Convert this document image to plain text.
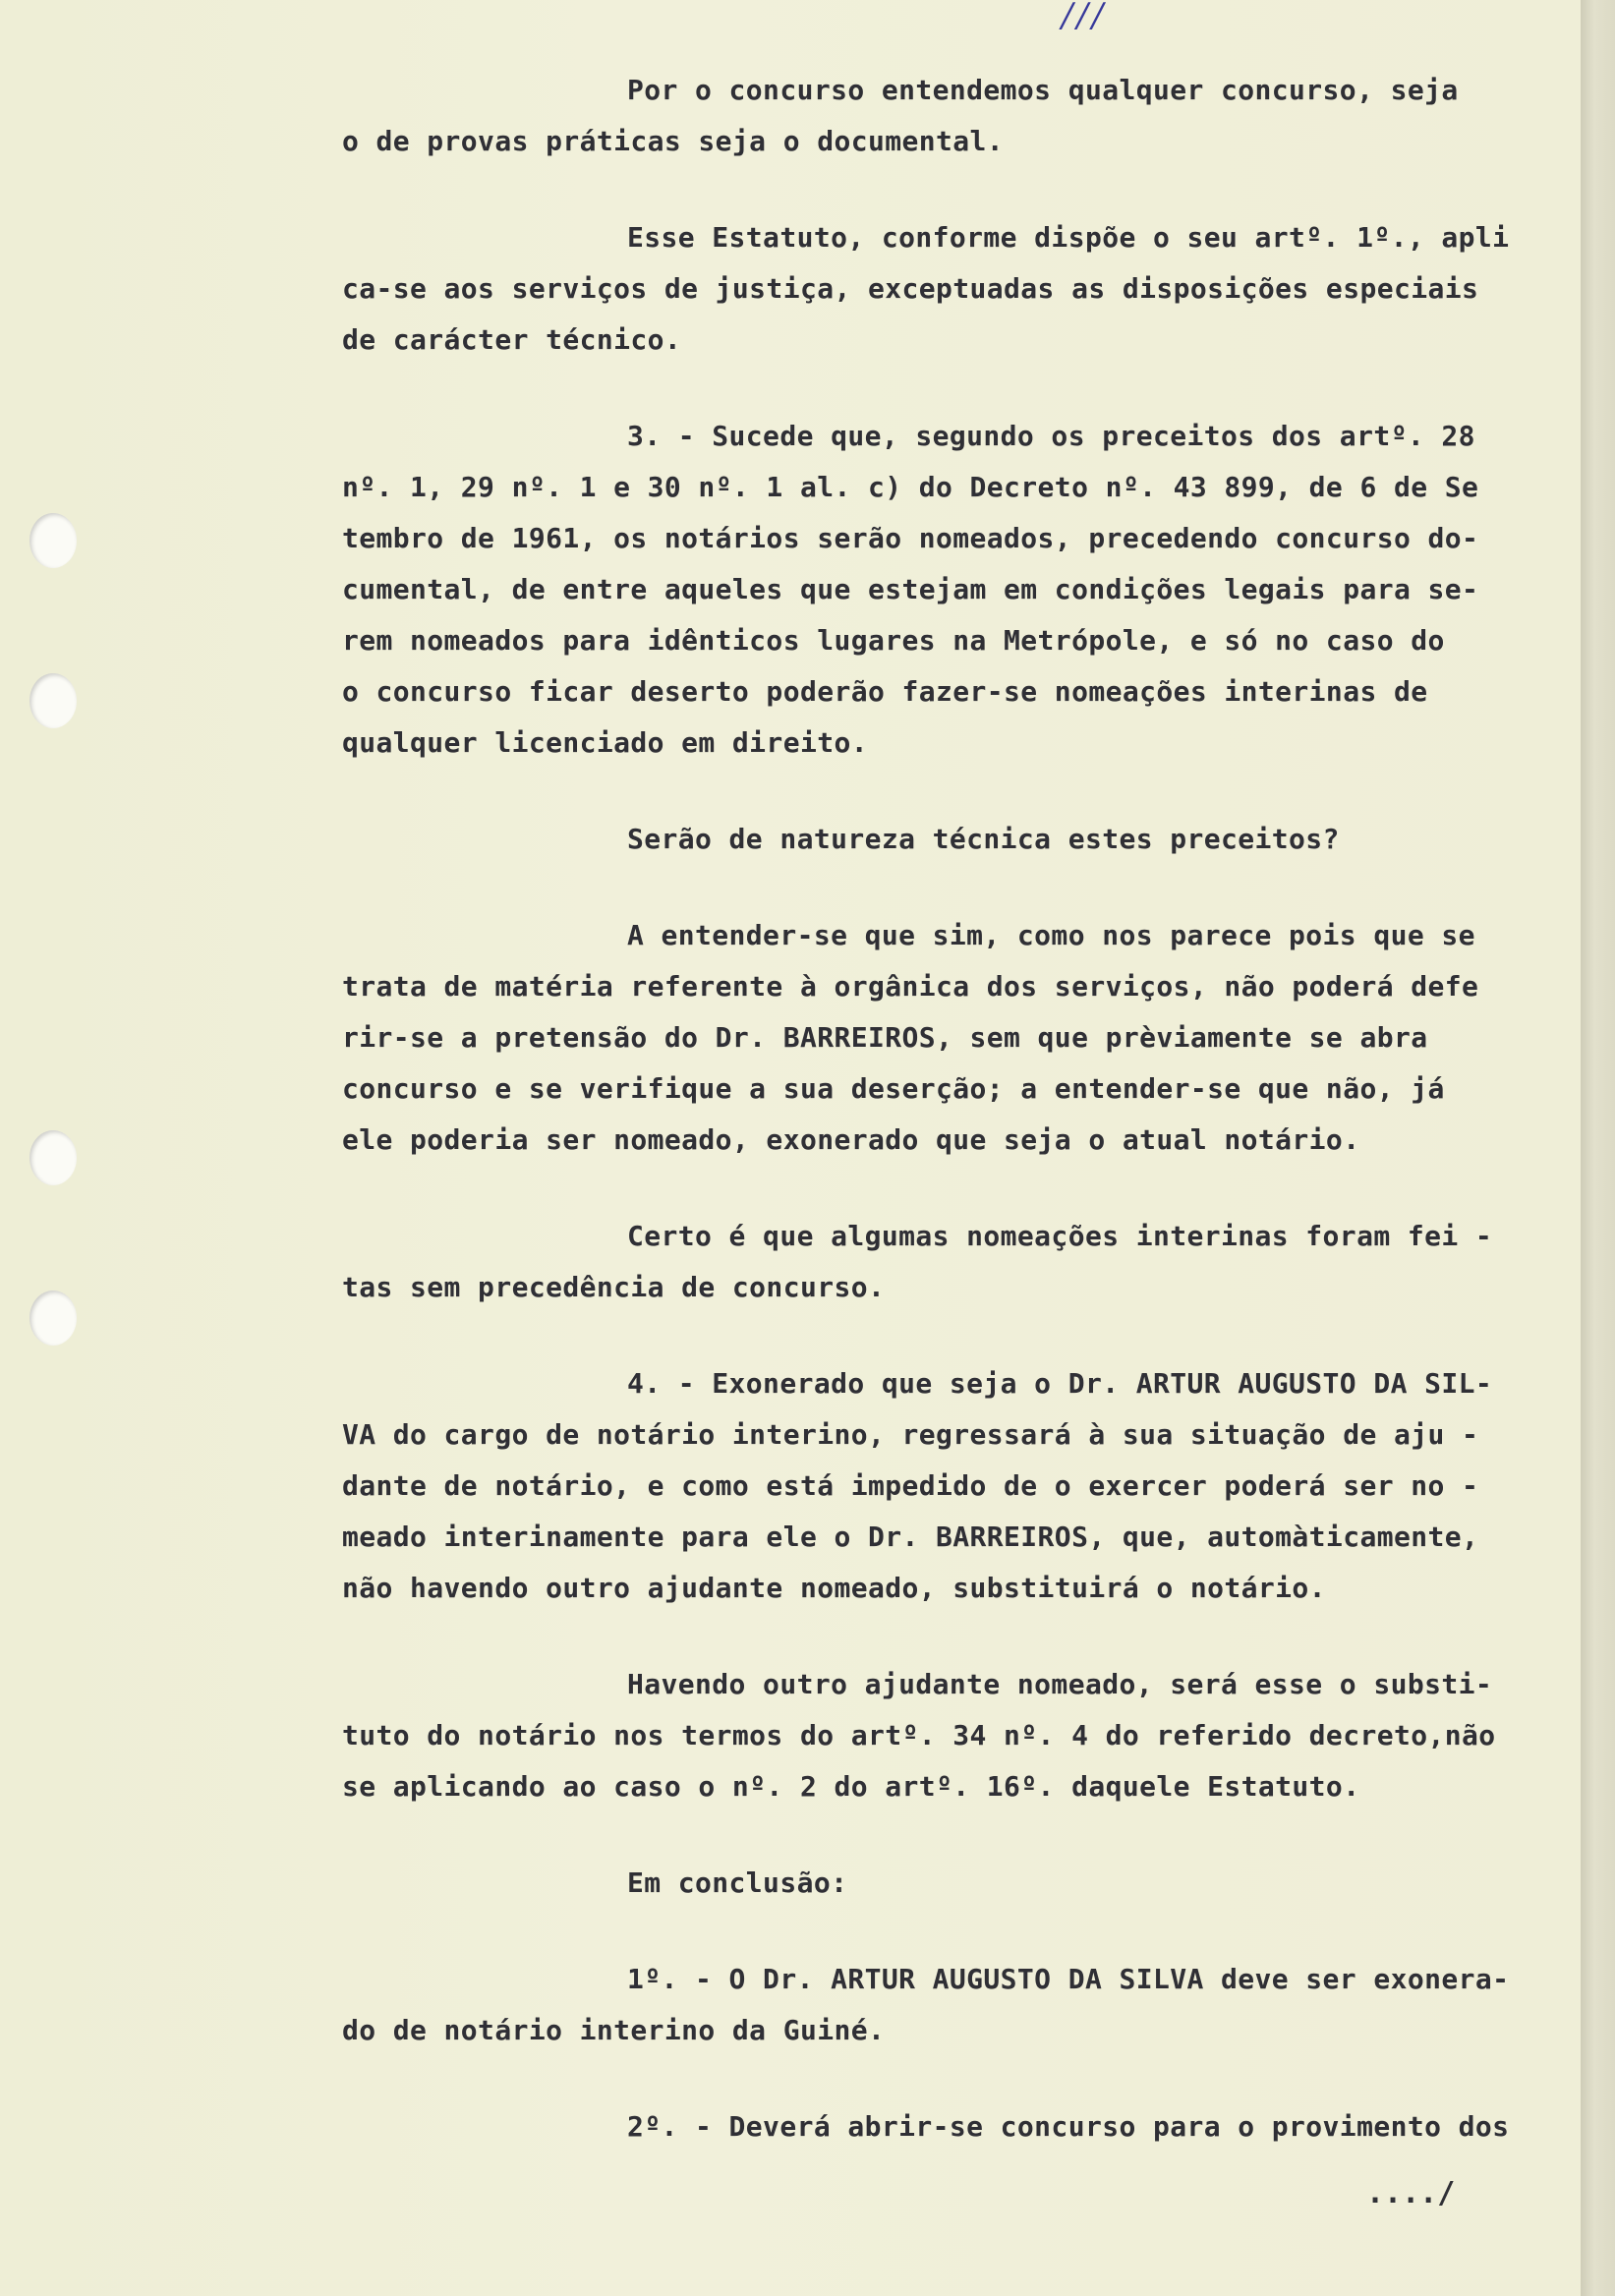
///

Por o concurso entendemos qualquer concurso, seja
o de provas práticas seja o documental.

Esse Estatuto, conforme dispõe o seu artº. 1º., apli
ca-se aos serviços de justiça, exceptuadas as disposições especiais
de carácter técnico.

3. - Sucede que, segundo os preceitos dos artº. 28
nº. 1, 29 nº. 1 e 30 nº. 1 al. c) do Decreto nº. 43 899, de 6 de Se
tembro de 1961, os notários serão nomeados, precedendo concurso do-
cumental, de entre aqueles que estejam em condições legais para se-
rem nomeados para idênticos lugares na Metrópole, e só no caso do
o concurso ficar deserto poderão fazer-se nomeações interinas de
qualquer licenciado em direito.

Serão de natureza técnica estes preceitos?

A entender-se que sim, como nos parece pois que se
trata de matéria referente à orgânica dos serviços, não poderá defe
rir-se a pretensão do Dr. BARREIROS, sem que prèviamente se abra
concurso e se verifique a sua deserção; a entender-se que não, já
ele poderia ser nomeado, exonerado que seja o atual notário.

Certo é que algumas nomeações interinas foram fei -
tas sem precedência de concurso.

4. - Exonerado que seja o Dr. ARTUR AUGUSTO DA SIL-
VA do cargo de notário interino, regressará à sua situação de aju -
dante de notário, e como está impedido de o exercer poderá ser no -
meado interinamente para ele o Dr. BARREIROS, que, automàticamente,
não havendo outro ajudante nomeado, substituirá o notário.

Havendo outro ajudante nomeado, será esse o substi-
tuto do notário nos termos do artº. 34 nº. 4 do referido decreto,não
se aplicando ao caso o nº. 2 do artº. 16º. daquele Estatuto.

Em conclusão:

1º. - O Dr. ARTUR AUGUSTO DA SILVA deve ser exonera-
do de notário interino da Guiné.

2º. - Deverá abrir-se concurso para o provimento dos

..../
